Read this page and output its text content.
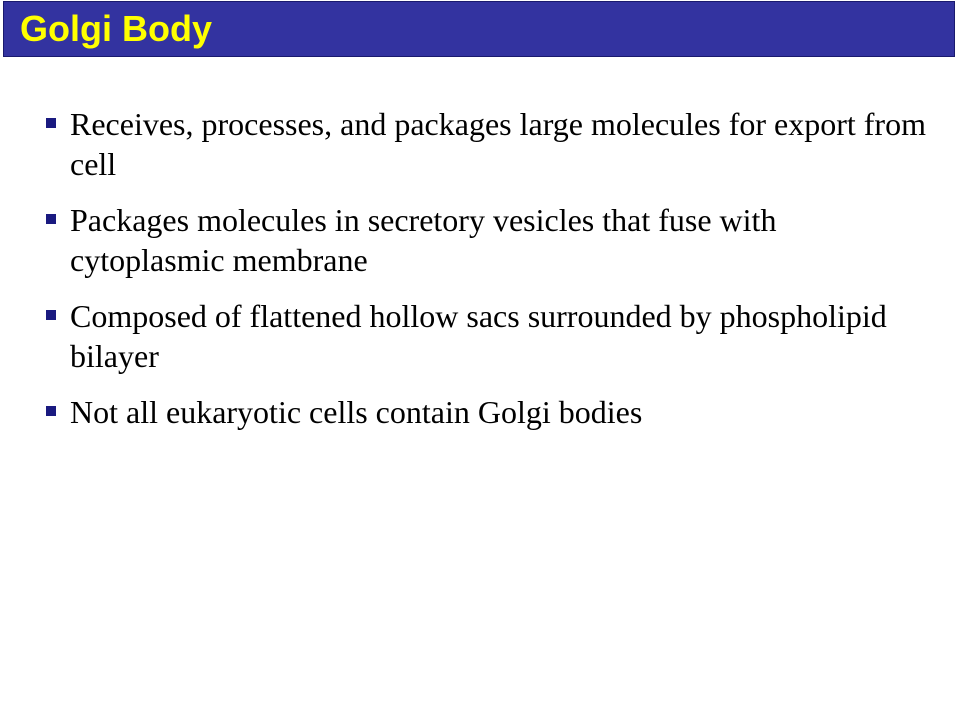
Golgi Body
Receives, processes, and packages large molecules for export from cell
Packages molecules in secretory vesicles that fuse with cytoplasmic membrane
Composed of flattened hollow sacs surrounded by phospholipid bilayer
Not all eukaryotic cells contain Golgi bodies
